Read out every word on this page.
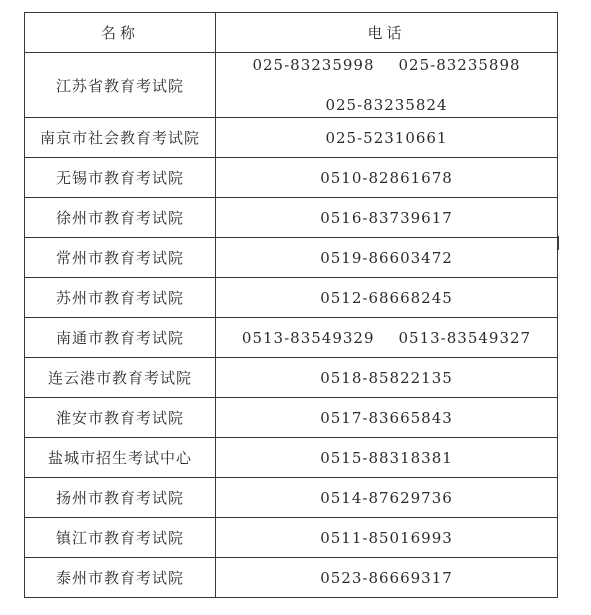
名称	电话
江苏省教育考试院	025-83235998 025-83235898
025-83235824

南京市社会教育考试院	025-52310661
无锡市教育考试院	0510-82861678
徐州市教育考试院	0516-83739617
常州市教育考试院	0519-86603472
苏州市教育考试院	0512-68668245
南通市教育考试院	0513-83549329 0513-83549327
连云港市教育考试院	0518-85822135
淮安市教育考试院	0517-83665843
盐城市招生考试中心	0515-88318381
扬州市教育考试院	0514-87629736
镇江市教育考试院	0511-85016993
泰州市教育考试院	0523-86669317
